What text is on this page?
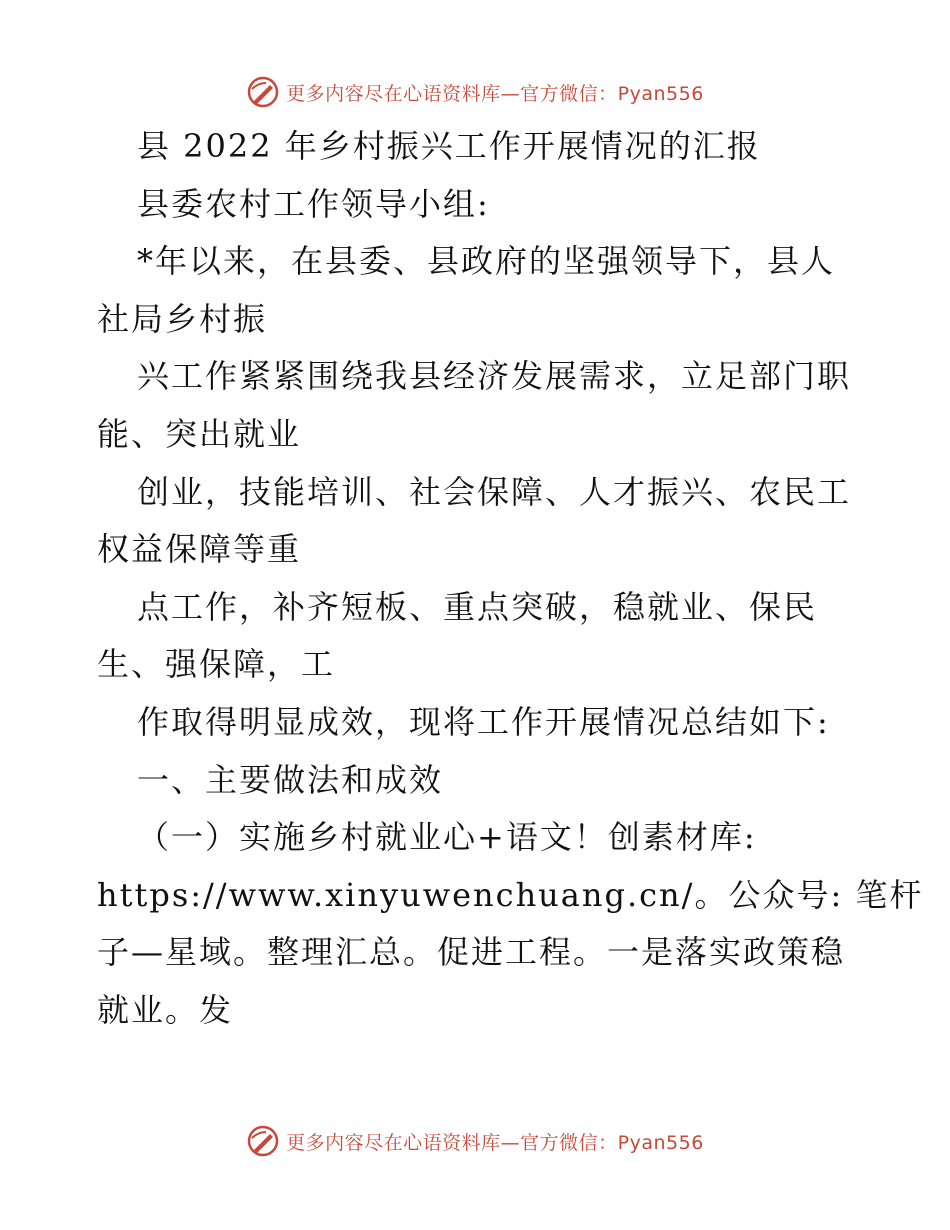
更多内容尽在心语资料库—官方微信：Pyan556
县 2022 年乡村振兴工作开展情况的汇报
县委农村工作领导小组:
*年以来，在县委、县政府的坚强领导下，县人
社局乡村振
兴工作紧紧围绕我县经济发展需求，立足部门职
能、突出就业
创业，技能培训、社会保障、人才振兴、农民工
权益保障等重
点工作，补齐短板、重点突破，稳就业、保民
生、强保障，工
作取得明显成效，现将工作开展情况总结如下:
一、主要做法和成效
（一）实施乡村就业心+语文！创素材库:
https://www.xinyuwenchuang.cn/。公众号: 笔杆
子—星域。整理汇总。促进工程。一是落实政策稳
就业。发
更多内容尽在心语资料库—官方微信：Pyan556
